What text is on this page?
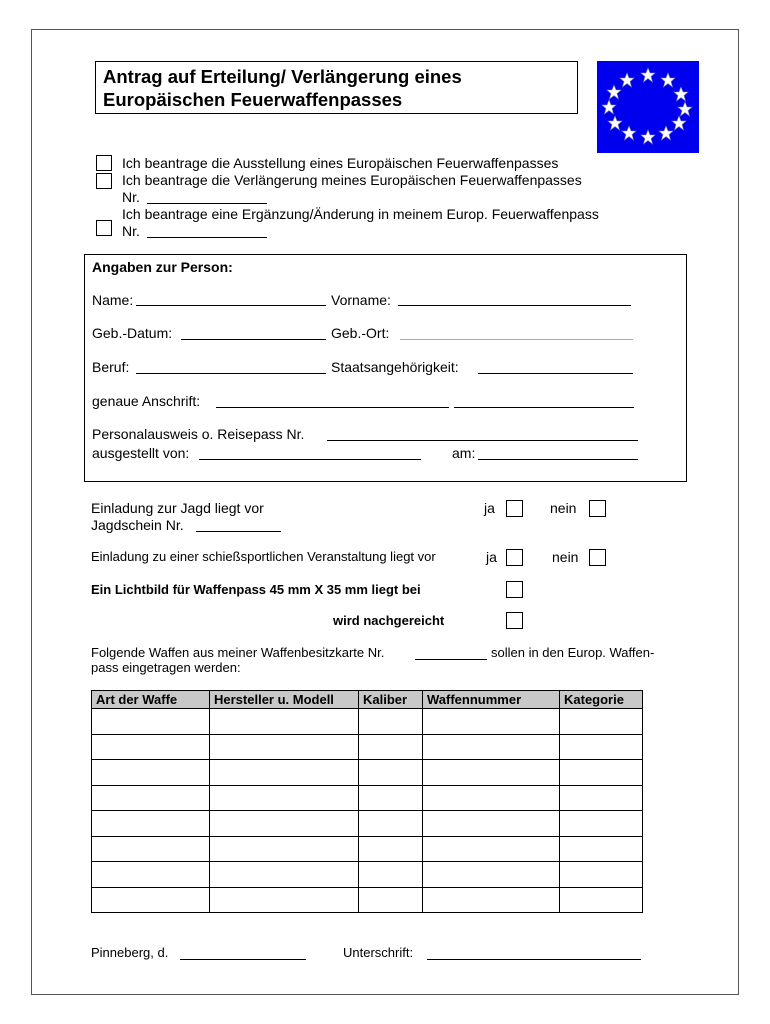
Antrag auf Erteilung/ Verlängerung eines
Europäischen Feuerwaffenpasses
Ich beantrage die Ausstellung eines Europäischen Feuerwaffenpasses
Ich beantrage die Verlängerung meines Europäischen Feuerwaffenpasses
Nr.
Ich beantrage eine Ergänzung/Änderung in meinem Europ. Feuerwaffenpass
Nr.
Angaben zur Person:
Name:	Vorname:
Geb.-Datum:	Geb.-Ort:
Beruf:	Staatsangehörigkeit:
genaue Anschrift:
Personalausweis o. Reisepass Nr.
ausgestellt von:	am:
Einladung zur Jagd liegt vor
Jagdschein Nr.
ja	nein
Einladung zu einer schießsportlichen Veranstaltung liegt vor	ja	nein
Ein Lichtbild für Waffenpass 45 mm X 35 mm liegt bei
wird nachgereicht
Folgende Waffen aus meiner Waffenbesitzkarte Nr.	sollen in den Europ. Waffen-
pass eingetragen werden:
Art der Waffe	Hersteller u. Modell	Kaliber	Waffennummer	Kategorie

Pinneberg, d.	Unterschrift:
